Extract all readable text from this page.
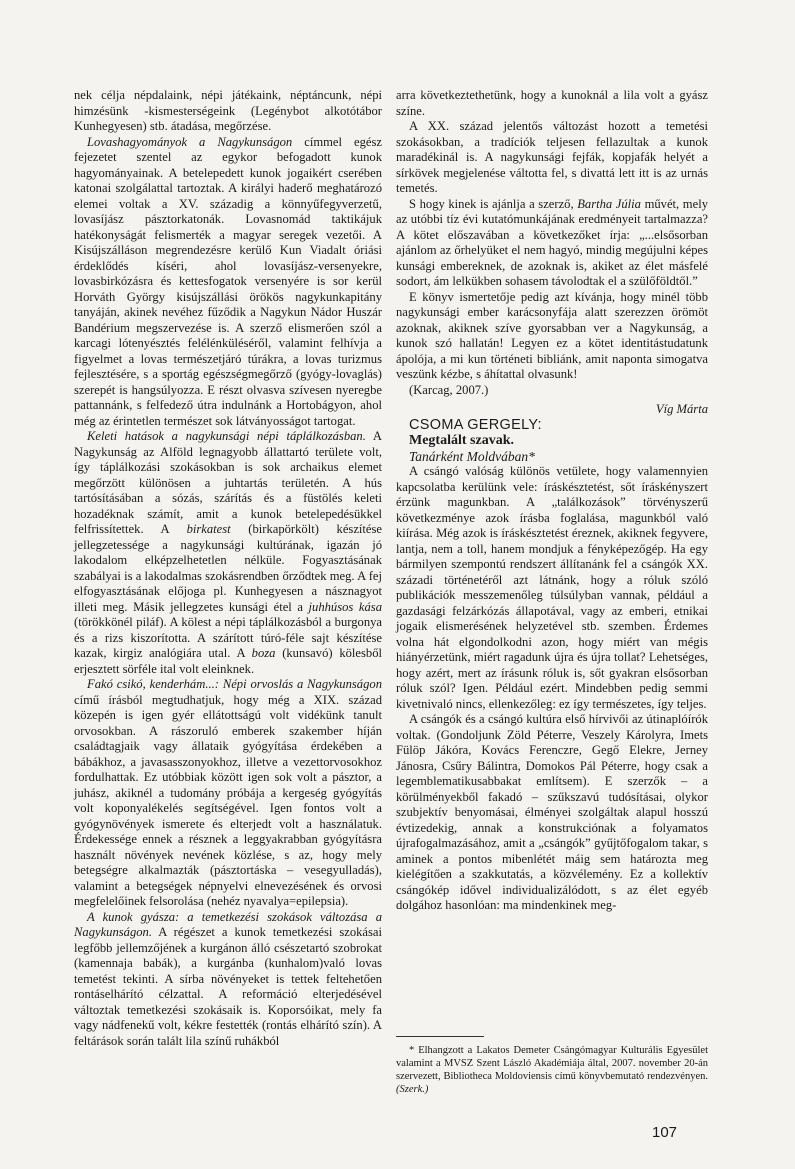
nek célja népdalaink, népi játékaink, néptáncunk, népi himzésünk -kismesterségeink (Legénybot alkotótábor Kunhegyesen) stb. átadása, megőrzése.

Lovashagyományok a Nagykunságon címmel egész fejezetet szentel az egykor befogadott kunok hagyományainak. A betelepedett kunok jogaikért cserében katonai szolgálattal tartoztak. A királyi haderő meghatározó elemei voltak a XV. századig a könnyűfegyverzetű, lovasíjász pásztorkatonák. Lovasnomád taktikájuk hatékonyságát felismerték a magyar seregek vezetői. A Kisújszálláson megrendezésre kerülő Kun Viadalt óriási érdeklődés kíséri, ahol lovasíjász-versenyekre, lovasbirkózásra és kettesfogatok versenyére is sor kerül Horváth György kisújszállási örökös nagykunkapitány tanyáján, akinek nevéhez fűződik a Nagykun Nádor Huszár Bandérium megszervezése is. A szerző elismerően szól a karcagi lótenyésztés felélénküléséről, valamint felhívja a figyelmet a lovas természetjáró túrákra, a lovas turizmus fejlesztésére, s a sportág egészségmegőrző (gyógy-lovaglás) szerepét is hangsúlyozza. E részt olvasva szívesen nyeregbe pattannánk, s felfedező útra indulnánk a Hortobágyon, ahol még az érintetlen természet sok látványosságot tartogat.

Keleti hatások a nagykunsági népi táplálkozásban. A Nagykunság az Alföld legnagyobb állattartó területe volt, így táplálkozási szokásokban is sok archaikus elemet megőrzött különösen a juhtartás területén. A hús tartósításában a sózás, szárítás és a füstölés keleti hozadéknak számít, amit a kunok betelepedésükkel felfrissítettek. A birkatest (birkapörkölt) készítése jellegzetessége a nagykunsági kultúrának, igazán jó lakodalom elképzelhetetlen nélküle. Fogyasztásának szabályai is a lakodalmas szokásrendben őrződtek meg. A fej elfogyasztásának előjoga pl. Kunhegyesen a násznagyot illeti meg. Másik jellegzetes kunsági étel a juhhúsos kása (törökkönél piláf). A kölest a népi táplálkozásból a burgonya és a rizs kiszorította. A szárított túró-féle sajt készítése kazak, kirgiz analógiára utal. A boza (kunsavó) kölesből erjesztett sörféle ital volt eleinknek.

Fakó csikó, kenderhám...: Népi orvoslás a Nagykunságon című írásból megtudhatjuk, hogy még a XIX. század közepén is igen gyér ellátottságú volt vidékünk tanult orvosokban. A rászoruló emberek szakember híján családtagjaik vagy állataik gyógyítása érdekében a bábákhoz, a javasasszonyokhoz, illetve a vezettorvosokhoz fordulhattak. Ez utóbbiak között igen sok volt a pásztor, a juhász, akiknél a tudomány próbája a kergeség gyógyítás volt koponyalékelés segítségével. Igen fontos volt a gyógynövények ismerete és elterjedt volt a használatuk. Érdekessége ennek a résznek a leggyakrabban gyógyításra használt növények nevének közlése, s az, hogy mely betegségre alkalmazták (pásztortáska – vesegyulladás), valamint a betegségek népnyelvi elnevezésének és orvosi megfelelőinek felsorolása (nehéz nyavalya=epilepsia).

A kunok gyásza: a temetkezési szokások változása a Nagykunságon. A régészet a kunok temetkezési szokásai legfőbb jellemzőjének a kurgánon álló csészetartó szobrokat (kamennaja babák), a kurgánba (kunhalom)való lovas temetést tekinti. A sírba növényeket is tettek feltehetően rontáselhárító célzattal. A reformáció elterjedésével változtak temetkezési szokásaik is. Koporsóikat, mely fa vagy nádfenekű volt, kékre festették (rontás elhárító szín). A feltárások során talált lila színű ruhákból

arra következtethetünk, hogy a kunoknál a lila volt a gyász színe.

A XX. század jelentős változást hozott a temetési szokásokban, a tradíciók teljesen fellazultak a kunok maradékinál is. A nagykunsági fejfák, kopjafák helyét a sírkövek megjelenése váltotta fel, s divattá lett itt is az urnás temetés.

S hogy kinek is ajánlja a szerző, Bartha Júlia művét, mely az utóbbi tíz évi kutatómunkájának eredményeit tartalmazza? A kötet előszavában a következőket írja: „...elsősorban ajánlom az őrhelyüket el nem hagyó, mindig megújulni képes kunsági embereknek, de azoknak is, akiket az élet másfelé sodort, ám lelkükben sohasem távolodtak el a szülőföldtől.”

E könyv ismertetője pedig azt kívánja, hogy minél több nagykunsági ember karácsonyfája alatt szerezzen örömöt azoknak, akiknek szíve gyorsabban ver a Nagykunság, a kunok szó hallatán! Legyen ez a kötet identitástudatunk ápolója, a mi kun történeti bibliánk, amit naponta simogatva veszünk kézbe, s áhítattal olvasunk!

(Karcag, 2007.)

Víg Márta

CSOMA GERGELY:

Megtalált szavak.

Tanárként Moldvában*

A csángó valóság különös vetülete, hogy valamennyien kapcsolatba kerülünk vele: íráskésztetést, sőt íráskényszert érzünk magunkban. A „találkozások” törvényszerű következménye azok írásba foglalása, magunkból való kiírása. Még azok is íráskésztetést éreznek, akiknek fegyvere, lantja, nem a toll, hanem mondjuk a fényképezőgép. Ha egy bármilyen szempontú rendszert állítanánk fel a csángók XX. századi történetéről azt látnánk, hogy a róluk szóló publikációk messzemenőleg túlsúlyban vannak, például a gazdasági felzárkózás állapotával, vagy az emberi, etnikai jogaik elismerésének helyzetével stb. szemben. Érdemes volna hát elgondolkodni azon, hogy miért van mégis hiányérzetünk, miért ragadunk újra és újra tollat? Lehetséges, hogy azért, mert az írásunk róluk is, sőt gyakran elsősorban róluk szól? Igen. Például ezért. Mindebben pedig semmi kivetnivaló nincs, ellenkezőleg: ez így természetes, így teljes.

A csángók és a csángó kultúra első hírvivői az útinaplóírók voltak. (Gondoljunk Zöld Péterre, Veszely Károlyra, Imets Fülöp Jákóra, Kovács Ferenczre, Gegő Elekre, Jerney Jánosra, Csűry Bálintra, Domokos Pál Péterre, hogy csak a legemblematikusabbakat említsem). E szerzők – a körülményekből fakadó – szűkszavú tudósításai, olykor szubjektív benyomásai, élményei szolgáltak alapul hosszú évtizedekig, annak a konstrukciónak a folyamatos újrafogalmazásához, amit a „csángók” gyűjtőfogalom takar, s aminek a pontos mibenlétét máig sem határozta meg kielégítően a szakkutatás, a közvélemény. Ez a kollektív csángókép idővel individualizálódott, s az élet egyéb dolgához hasonlóan: ma mindenkinek meg-

* Elhangzott a Lakatos Demeter Csángómagyar Kulturális Egyesület valamint a MVSZ Szent László Akadémiája által, 2007. november 20-án szervezett, Bibliotheca Moldoviensis című könyvbemutató rendezvényen. (Szerk.)

107
